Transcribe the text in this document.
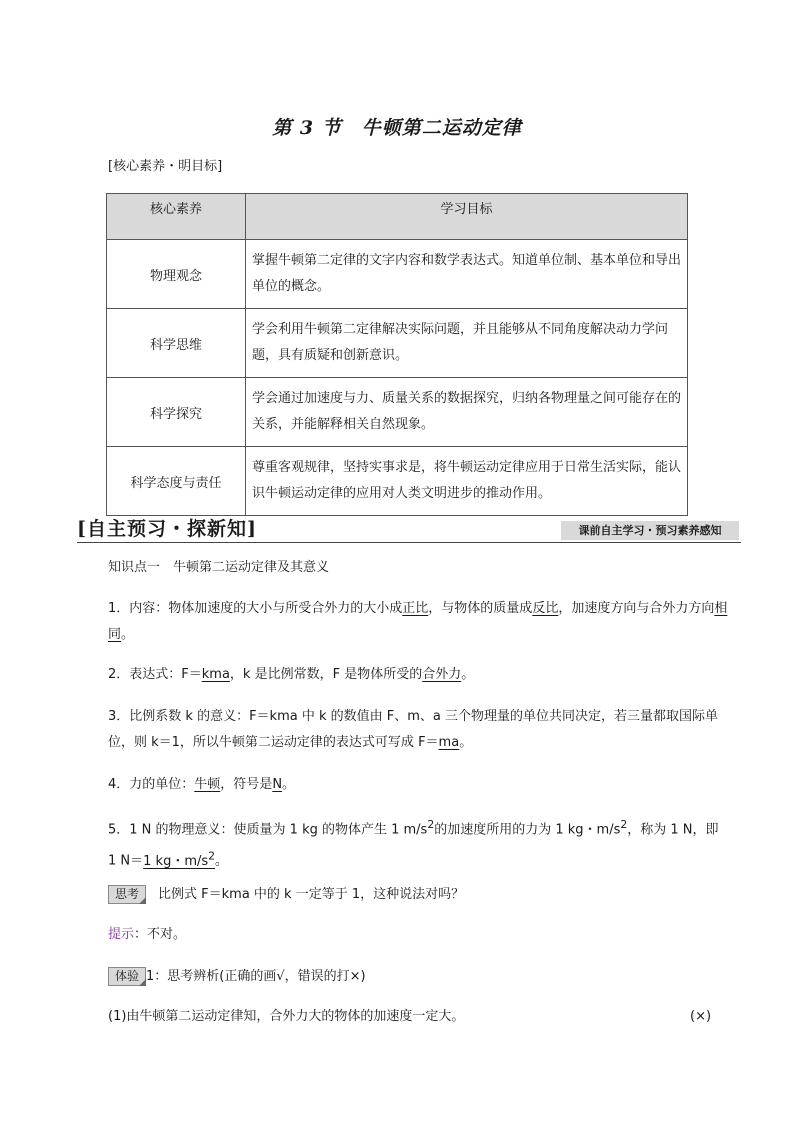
第 3 节　牛顿第二运动定律
[核心素养・明目标]
核心素养	学习目标
物理观念	掌握牛顿第二定律的文字内容和数学表达式。知道单位制、基本单位和导出单位的概念。
科学思维	学会利用牛顿第二定律解决实际问题，并且能够从不同角度解决动力学问题，具有质疑和创新意识。
科学探究	学会通过加速度与力、质量关系的数据探究，归纳各物理量之间可能存在的关系，并能解释相关自然现象。
科学态度与责任	尊重客观规律，坚持实事求是，将牛顿运动定律应用于日常生活实际，能认识牛顿运动定律的应用对人类文明进步的推动作用。
[自主预习・探新知]	课前自主学习・预习素养感知
知识点一　牛顿第二运动定律及其意义
1．内容：物体加速度的大小与所受合外力的大小成正比，与物体的质量成反比，加速度方向与合外力方向相同。
2．表达式：F＝kma，k 是比例常数，F 是物体所受的合外力。
3．比例系数 k 的意义：F＝kma 中 k 的数值由 F、m、a 三个物理量的单位共同决定，若三量都取国际单位，则 k＝1，所以牛顿第二运动定律的表达式可写成 F＝ma。
4．力的单位：牛顿，符号是N。
5．1 N 的物理意义：使质量为 1 kg 的物体产生 1 $m/s^2$的加速度所用的力为 1 kg・$m/s^2$，称为 1 N，即 1 N＝1 kg・$m/s^2$。
思考 比例式 F＝kma 中的 k 一定等于 1，这种说法对吗？
提示：不对。
体验 1：思考辨析(正确的画√，错误的打×)
(1)由牛顿第二运动定律知，合外力大的物体的加速度一定大。	(×)
